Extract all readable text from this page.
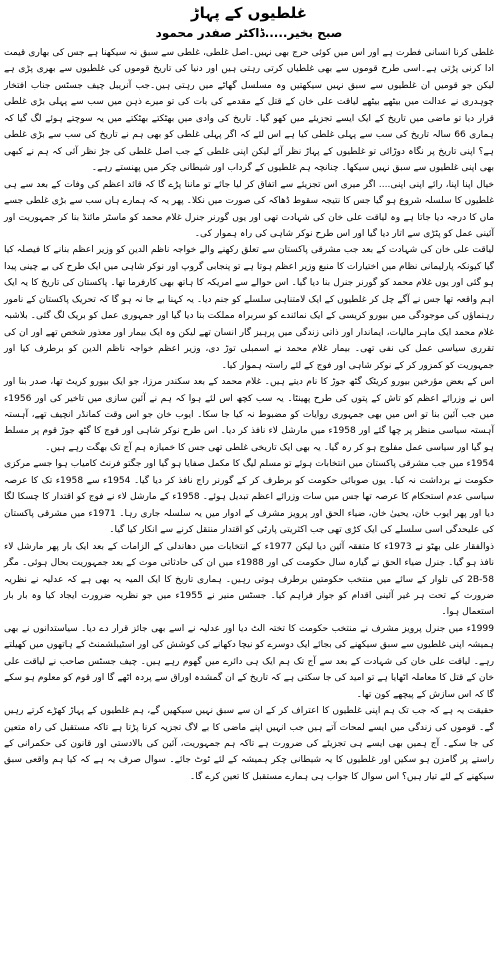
غلطیوں کے پہاڑ
صبح بخیر.....ڈاکٹر صفدر محمود

غلطی کرنا انسانی فطرت ہے اور اس میں کوئی حرج بھی نہیں۔اصل غلطی، غلطی سے سبق نہ سیکھنا ہے جس کی بھاری قیمت ادا کرنی پڑتی ہے۔اسی طرح قوموں سے بھی غلطیاں کرتی رہتی ہیں اور دنیا کی تاریخ قوموں کی غلطیوں سے بھری پڑی ہے لیکن جو قومیں ان غلطیوں سے سبق نہیں سیکھتیں وہ مسلسل گھاٹے میں رہتی ہیں۔جب آنریبل چیف جسٹس جناب افتخار چوہدری نے عدالت میں بیٹھے بیٹھے لیاقت علی خان کے قتل کے مقدمے کی بات کی تو میرے ذہن میں سب سے پہلی بڑی غلطی قرار دیا تو ماضی میں تاریخ کے ایک ایسے تجزیئے میں کھو گیا۔ تاریخ کی وادی میں بھٹکتے بھٹکتے میں یہ سوچتے ہوئے لگ گیا کہ ہماری 66 سالہ تاریخ کی سب سے پہلی غلطی کیا ہے اس لئے کہ اگر پہلی غلطی کو بھی ہم نے تاریخ کی سب سے بڑی غلطی ہے؟ اپنی تاریخ پر نگاہ دوڑائی تو غلطیوں کے پہاڑ نظر آئے لیکن اپنی غلطی کے جب اصل غلطی کی جڑ نظر آئی کہ ہم نے کبھی بھی اپنی غلطیوں سے سبق نہیں سیکھا۔ چنانچہ ہم غلطیوں کے گرداب اور شیطانی چکر میں پھنستے رہے۔

خیال اپنا اپنا، رائے اپنی اپنی.... اگر میری اس تجزیئے سے اتفاق کر لیا جائے تو ماننا پڑے گا کہ قائد اعظم کی وفات کے بعد سے ہی غلطیوں کا سلسلہ شروع ہو گیا جس کا نتیجہ سقوط ڈھاکہ کی صورت میں نکلا۔ پھر یہ کہ ہمارے ہاں سب سے بڑی غلطی جسے ماں کا درجہ دیا جاتا ہے وہ لیاقت علی خان کی شہادت تھی اور یوں گورنر جنرل غلام محمد کو ماسٹر مائنڈ بنا کر جمہوریت اور آئینی عمل کو پٹڑی سے اتار دیا گیا اور اس طرح نوکر شاہی کی راہ ہموار کی۔

لیاقت علی خان کی شہادت کے بعد جب مشرقی پاکستان سے تعلق رکھنے والے خواجہ ناظم الدین کو وزیر اعظم بنانے کا فیصلہ کیا گیا کیونکہ پارلیمانی نظام میں اختیارات کا منبع وزیر اعظم ہوتا ہے تو پنجابی گروپ اور نوکر شاہی میں ایک طرح کی بے چینی پیدا ہو گئی اور یوں غلام محمد کو گورنر جنرل بنا دیا گیا۔ اس حوالے سے امریکہ کا ہاتھ بھی کارفرما تھا۔ پاکستان کی تاریخ کا یہ ایک اہم واقعہ تھا جس نے آگے چل کر غلطیوں کے ایک لامتناہی سلسلے کو جنم دیا۔ یہ کہنا بے جا نہ ہو گا کہ تحریک پاکستان کے نامور رہنماؤں کی موجودگی میں بیورو کریسی کے ایک نمائندے کو سربراہ مملکت بنا دیا گیا اور جمہوری عمل کو بریک لگ گئی۔ بلاشبہ غلام محمد ایک ماہر مالیات، ایماندار اور ذاتی زندگی میں پرہیز گار انسان تھے لیکن وہ ایک بیمار اور معذور شخص تھے اور ان کی تقرری سیاسی عمل کی نفی تھی۔ بیمار غلام محمد نے اسمبلی توڑ دی، وزیر اعظم خواجہ ناظم الدین کو برطرف کیا اور جمہوریت کو کمزور کر کے نوکر شاہی اور فوج کے لئے راستہ ہموار کیا۔

اس کے بعض مؤرخین بیورو کریٹک گٹھ جوڑ کا نام دیتے ہیں۔ غلام محمد کے بعد سکندر مرزا، جو ایک بیورو کریٹ تھا، صدر بنا اور اس نے وزرائے اعظم کو تاش کے پتوں کی طرح پھینٹا۔ یہ سب کچھ اس لئے ہوا کہ ہم نے آئین سازی میں تاخیر کی اور 1956ء میں جب آئین بنا تو اس میں بھی جمہوری روایات کو مضبوط نہ کیا جا سکا۔ ایوب خان جو اس وقت کمانڈر انچیف تھے، آہستہ آہستہ سیاسی منظر پر چھا گئے اور 1958ء میں مارشل لاء نافذ کر دیا۔ اس طرح نوکر شاہی اور فوج کا گٹھ جوڑ قوم پر مسلط ہو گیا اور سیاسی عمل مفلوج ہو کر رہ گیا۔ یہ بھی ایک تاریخی غلطی تھی جس کا خمیازہ ہم آج تک بھگت رہے ہیں۔

1954ء میں جب مشرقی پاکستان میں انتخابات ہوئے تو مسلم لیگ کا مکمل صفایا ہو گیا اور جگتو فرنٹ کامیاب ہوا جسے مرکزی حکومت نے برداشت نہ کیا۔ یوں صوبائی حکومت کو برطرف کر کے گورنر راج نافذ کر دیا گیا۔ 1954ء سے 1958ء تک کا عرصہ سیاسی عدم استحکام کا عرصہ تھا جس میں سات وزرائے اعظم تبدیل ہوئے۔ 1958ء کے مارشل لاء نے فوج کو اقتدار کا چسکا لگا دیا اور پھر ایوب خان، یحییٰ خان، ضیاء الحق اور پرویز مشرف کے ادوار میں یہ سلسلہ جاری رہا۔ 1971ء میں مشرقی پاکستان کی علیحدگی اسی سلسلے کی ایک کڑی تھی جب اکثریتی پارٹی کو اقتدار منتقل کرنے سے انکار کیا گیا۔

ذوالفقار علی بھٹو نے 1973ء کا متفقہ آئین دیا لیکن 1977ء کے انتخابات میں دھاندلی کے الزامات کے بعد ایک بار پھر مارشل لاء نافذ ہو گیا۔ جنرل ضیاء الحق نے گیارہ سال حکومت کی اور 1988ء میں ان کی حادثاتی موت کے بعد جمہوریت بحال ہوئی۔ مگر 58-2B کی تلوار کے سائے میں منتخب حکومتیں برطرف ہوتی رہیں۔ ہماری تاریخ کا ایک المیہ یہ بھی ہے کہ عدلیہ نے نظریہ ضرورت کے تحت ہر غیر آئینی اقدام کو جواز فراہم کیا۔ جسٹس منیر نے 1955ء میں جو نظریہ ضرورت ایجاد کیا وہ بار بار استعمال ہوا۔

1999ء میں جنرل پرویز مشرف نے منتخب حکومت کا تختہ الٹ دیا اور عدلیہ نے اسے بھی جائز قرار دے دیا۔ سیاستدانوں نے بھی ہمیشہ اپنی غلطیوں سے سبق سیکھنے کی بجائے ایک دوسرے کو نیچا دکھانے کی کوشش کی اور اسٹیبلشمنٹ کے ہاتھوں میں کھیلتے رہے۔ لیاقت علی خان کی شہادت کے بعد سے آج تک ہم ایک ہی دائرے میں گھوم رہے ہیں۔ چیف جسٹس صاحب نے لیاقت علی خان کے قتل کا معاملہ اٹھایا ہے تو امید کی جا سکتی ہے کہ تاریخ کے ان گمشدہ اوراق سے پردہ اٹھے گا اور قوم کو معلوم ہو سکے گا کہ اس سازش کے پیچھے کون تھا۔

حقیقت یہ ہے کہ جب تک ہم اپنی غلطیوں کا اعتراف کر کے ان سے سبق نہیں سیکھیں گے، ہم غلطیوں کے پہاڑ کھڑے کرتے رہیں گے۔ قوموں کی زندگی میں ایسے لمحات آتے ہیں جب انہیں اپنے ماضی کا بے لاگ تجزیہ کرنا پڑتا ہے تاکہ مستقبل کی راہ متعین کی جا سکے۔ آج ہمیں بھی ایسے ہی تجزیئے کی ضرورت ہے تاکہ ہم جمہوریت، آئین کی بالادستی اور قانون کی حکمرانی کے راستے پر گامزن ہو سکیں اور غلطیوں کا یہ شیطانی چکر ہمیشہ کے لئے ٹوٹ جائے۔ سوال صرف یہ ہے کہ کیا ہم واقعی سبق سیکھنے کے لئے تیار ہیں؟ اس سوال کا جواب ہی ہمارے مستقبل کا تعین کرے گا۔
